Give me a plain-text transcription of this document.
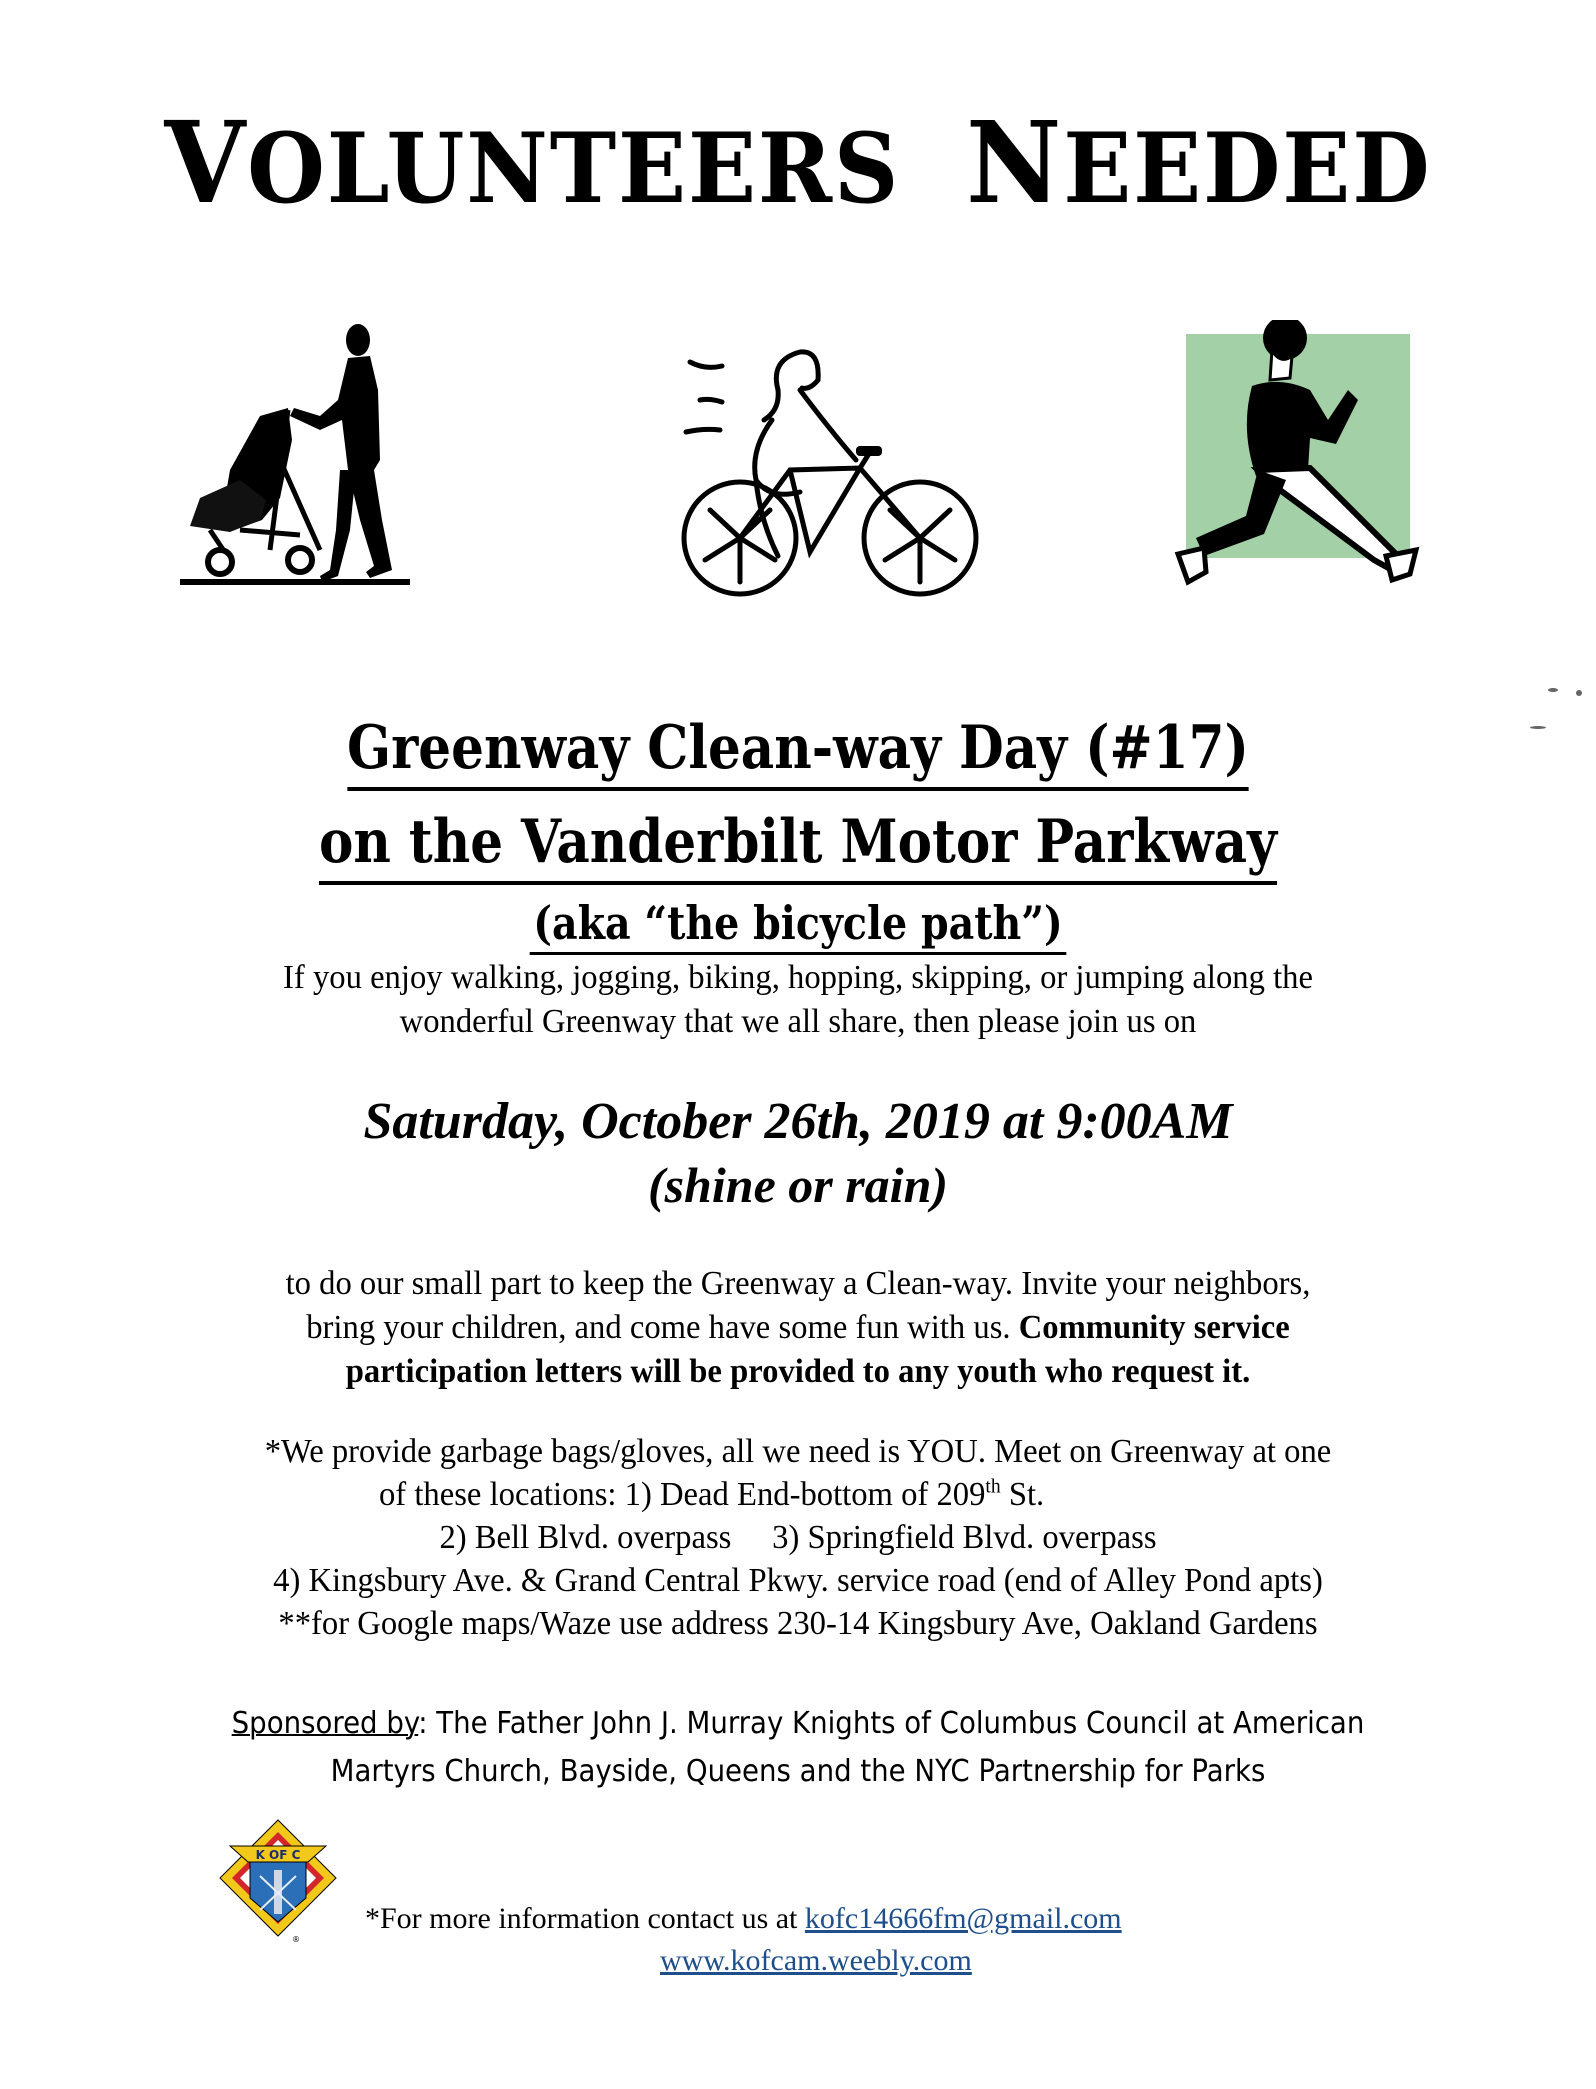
VOLUNTEERS NEEDED
Greenway Clean-way Day (#17)
on the Vanderbilt Motor Parkway
(aka “the bicycle path”)
If you enjoy walking, jogging, biking, hopping, skipping, or jumping along the
wonderful Greenway that we all share, then please join us on
Saturday, October 26th, 2019 at 9:00AM
(shine or rain)
to do our small part to keep the Greenway a Clean-way. Invite your neighbors,
bring your children, and come have some fun with us. Community service
participation letters will be provided to any youth who request it.
*We provide garbage bags/gloves, all we need is YOU. Meet on Greenway at one
of these locations: 1) Dead End-bottom of 209th St.
2) Bell Blvd. overpass 3) Springfield Blvd. overpass
4) Kingsbury Ave. & Grand Central Pkwy. service road (end of Alley Pond apts)
**for Google maps/Waze use address 230-14 Kingsbury Ave, Oakland Gardens
Sponsored by: The Father John J. Murray Knights of Columbus Council at American
Martyrs Church, Bayside, Queens and the NYC Partnership for Parks
K OF C
®
*For more information contact us at kofc14666fm@gmail.com
www.kofcam.weebly.com
